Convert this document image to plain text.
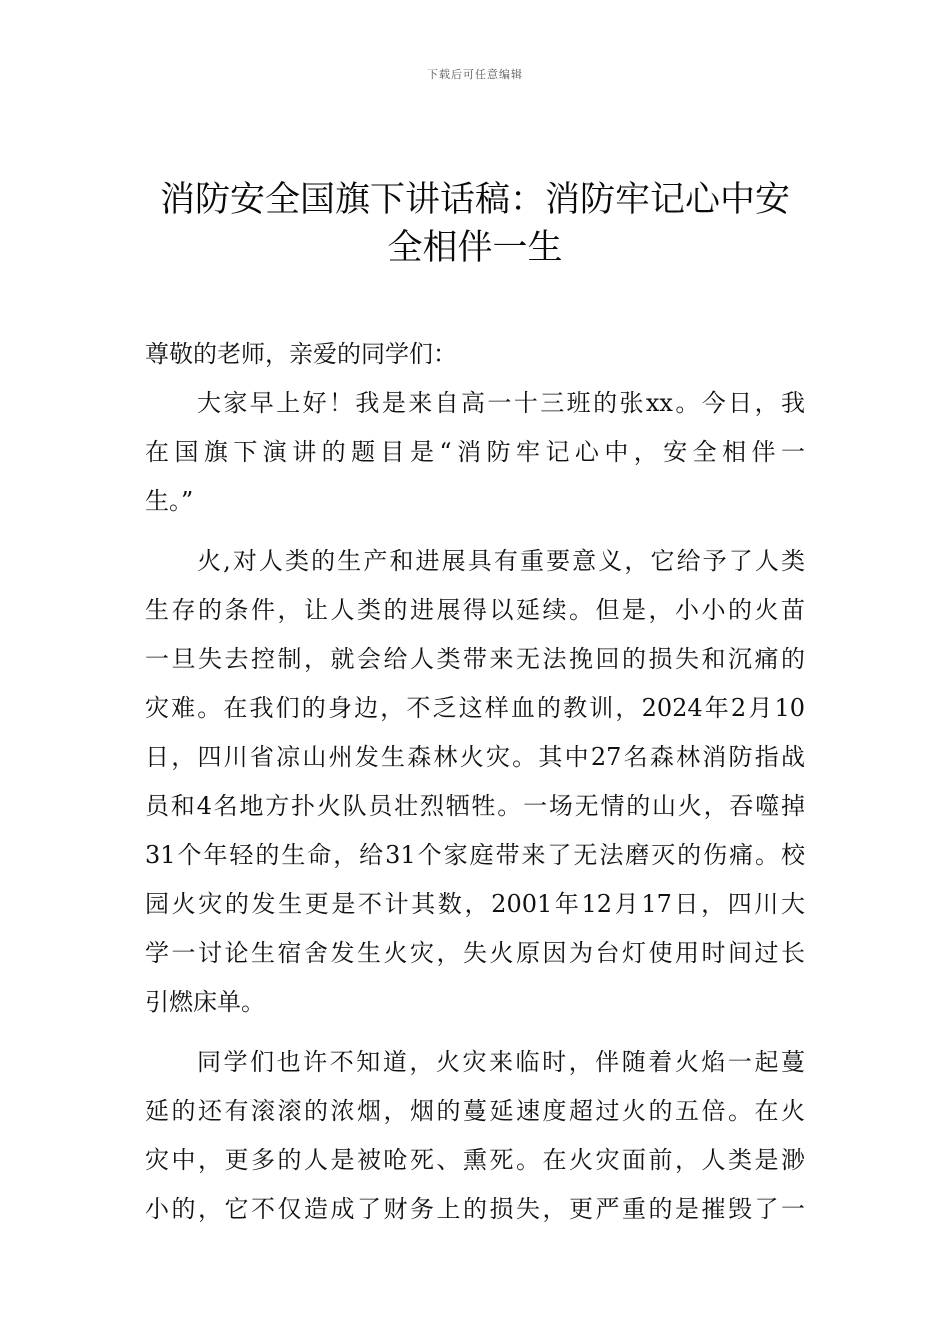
下载后可任意编辑
消防安全国旗下讲话稿：消防牢记心中安
全相伴一生

尊敬的老师，亲爱的同学们：

大家早上好！我是来自高一十三班的张xx。今日，我
在国旗下演讲的题目是“消防牢记心中，安全相伴一
生。”
火,对人类的生产和进展具有重要意义，它给予了人类
生存的条件，让人类的进展得以延续。但是，小小的火苗
一旦失去控制，就会给人类带来无法挽回的损失和沉痛的
灾难。在我们的身边，不乏这样血的教训，2024年2月10
日，四川省凉山州发生森林火灾。其中27名森林消防指战
员和4名地方扑火队员壮烈牺牲。一场无情的山火，吞噬掉
31个年轻的生命，给31个家庭带来了无法磨灭的伤痛。校
园火灾的发生更是不计其数，2001年12月17日，四川大
学一讨论生宿舍发生火灾，失火原因为台灯使用时间过长
引燃床单。
同学们也许不知道，火灾来临时，伴随着火焰一起蔓
延的还有滚滚的浓烟，烟的蔓延速度超过火的五倍。在火
灾中，更多的人是被呛死、熏死。在火灾面前，人类是渺
小的，它不仅造成了财务上的损失，更严重的是摧毁了一
